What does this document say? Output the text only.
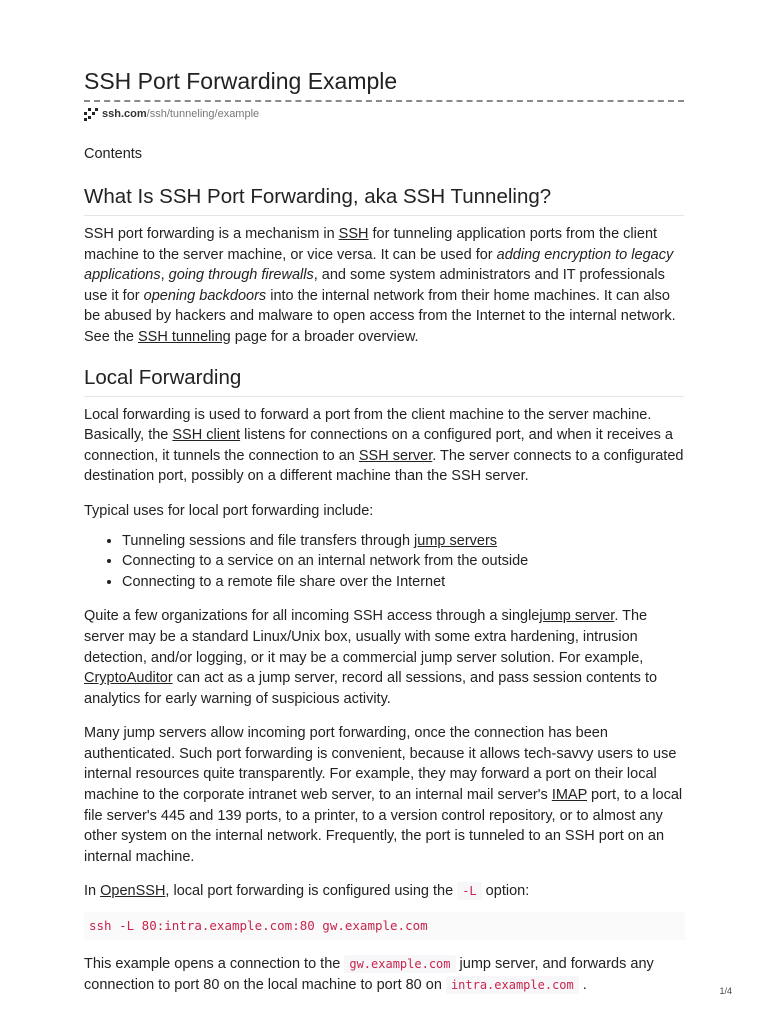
SSH Port Forwarding Example
ssh.com/ssh/tunneling/example
Contents
What Is SSH Port Forwarding, aka SSH Tunneling?

SSH port forwarding is a mechanism in SSH for tunneling application ports from the client machine to the server machine, or vice versa. It can be used for adding encryption to legacy applications, going through firewalls, and some system administrators and IT professionals use it for opening backdoors into the internal network from their home machines. It can also be abused by hackers and malware to open access from the Internet to the internal network. See the SSH tunneling page for a broader overview.

Local Forwarding

Local forwarding is used to forward a port from the client machine to the server machine. Basically, the SSH client listens for connections on a configured port, and when it receives a connection, it tunnels the connection to an SSH server. The server connects to a configurated destination port, possibly on a different machine than the SSH server.

Typical uses for local port forwarding include:

• Tunneling sessions and file transfers through jump servers
• Connecting to a service on an internal network from the outside
• Connecting to a remote file share over the Internet

Quite a few organizations for all incoming SSH access through a singlejump server. The server may be a standard Linux/Unix box, usually with some extra hardening, intrusion detection, and/or logging, or it may be a commercial jump server solution. For example, CryptoAuditor can act as a jump server, record all sessions, and pass session contents to analytics for early warning of suspicious activity.

Many jump servers allow incoming port forwarding, once the connection has been authenticated. Such port forwarding is convenient, because it allows tech-savvy users to use internal resources quite transparently. For example, they may forward a port on their local machine to the corporate intranet web server, to an internal mail server's IMAP port, to a local file server's 445 and 139 ports, to a printer, to a version control repository, or to almost any other system on the internal network. Frequently, the port is tunneled to an SSH port on an internal machine.

In OpenSSH, local port forwarding is configured using the -L option:

ssh -L 80:intra.example.com:80 gw.example.com

This example opens a connection to the gw.example.com jump server, and forwards any connection to port 80 on the local machine to port 80 on intra.example.com .	1/4
